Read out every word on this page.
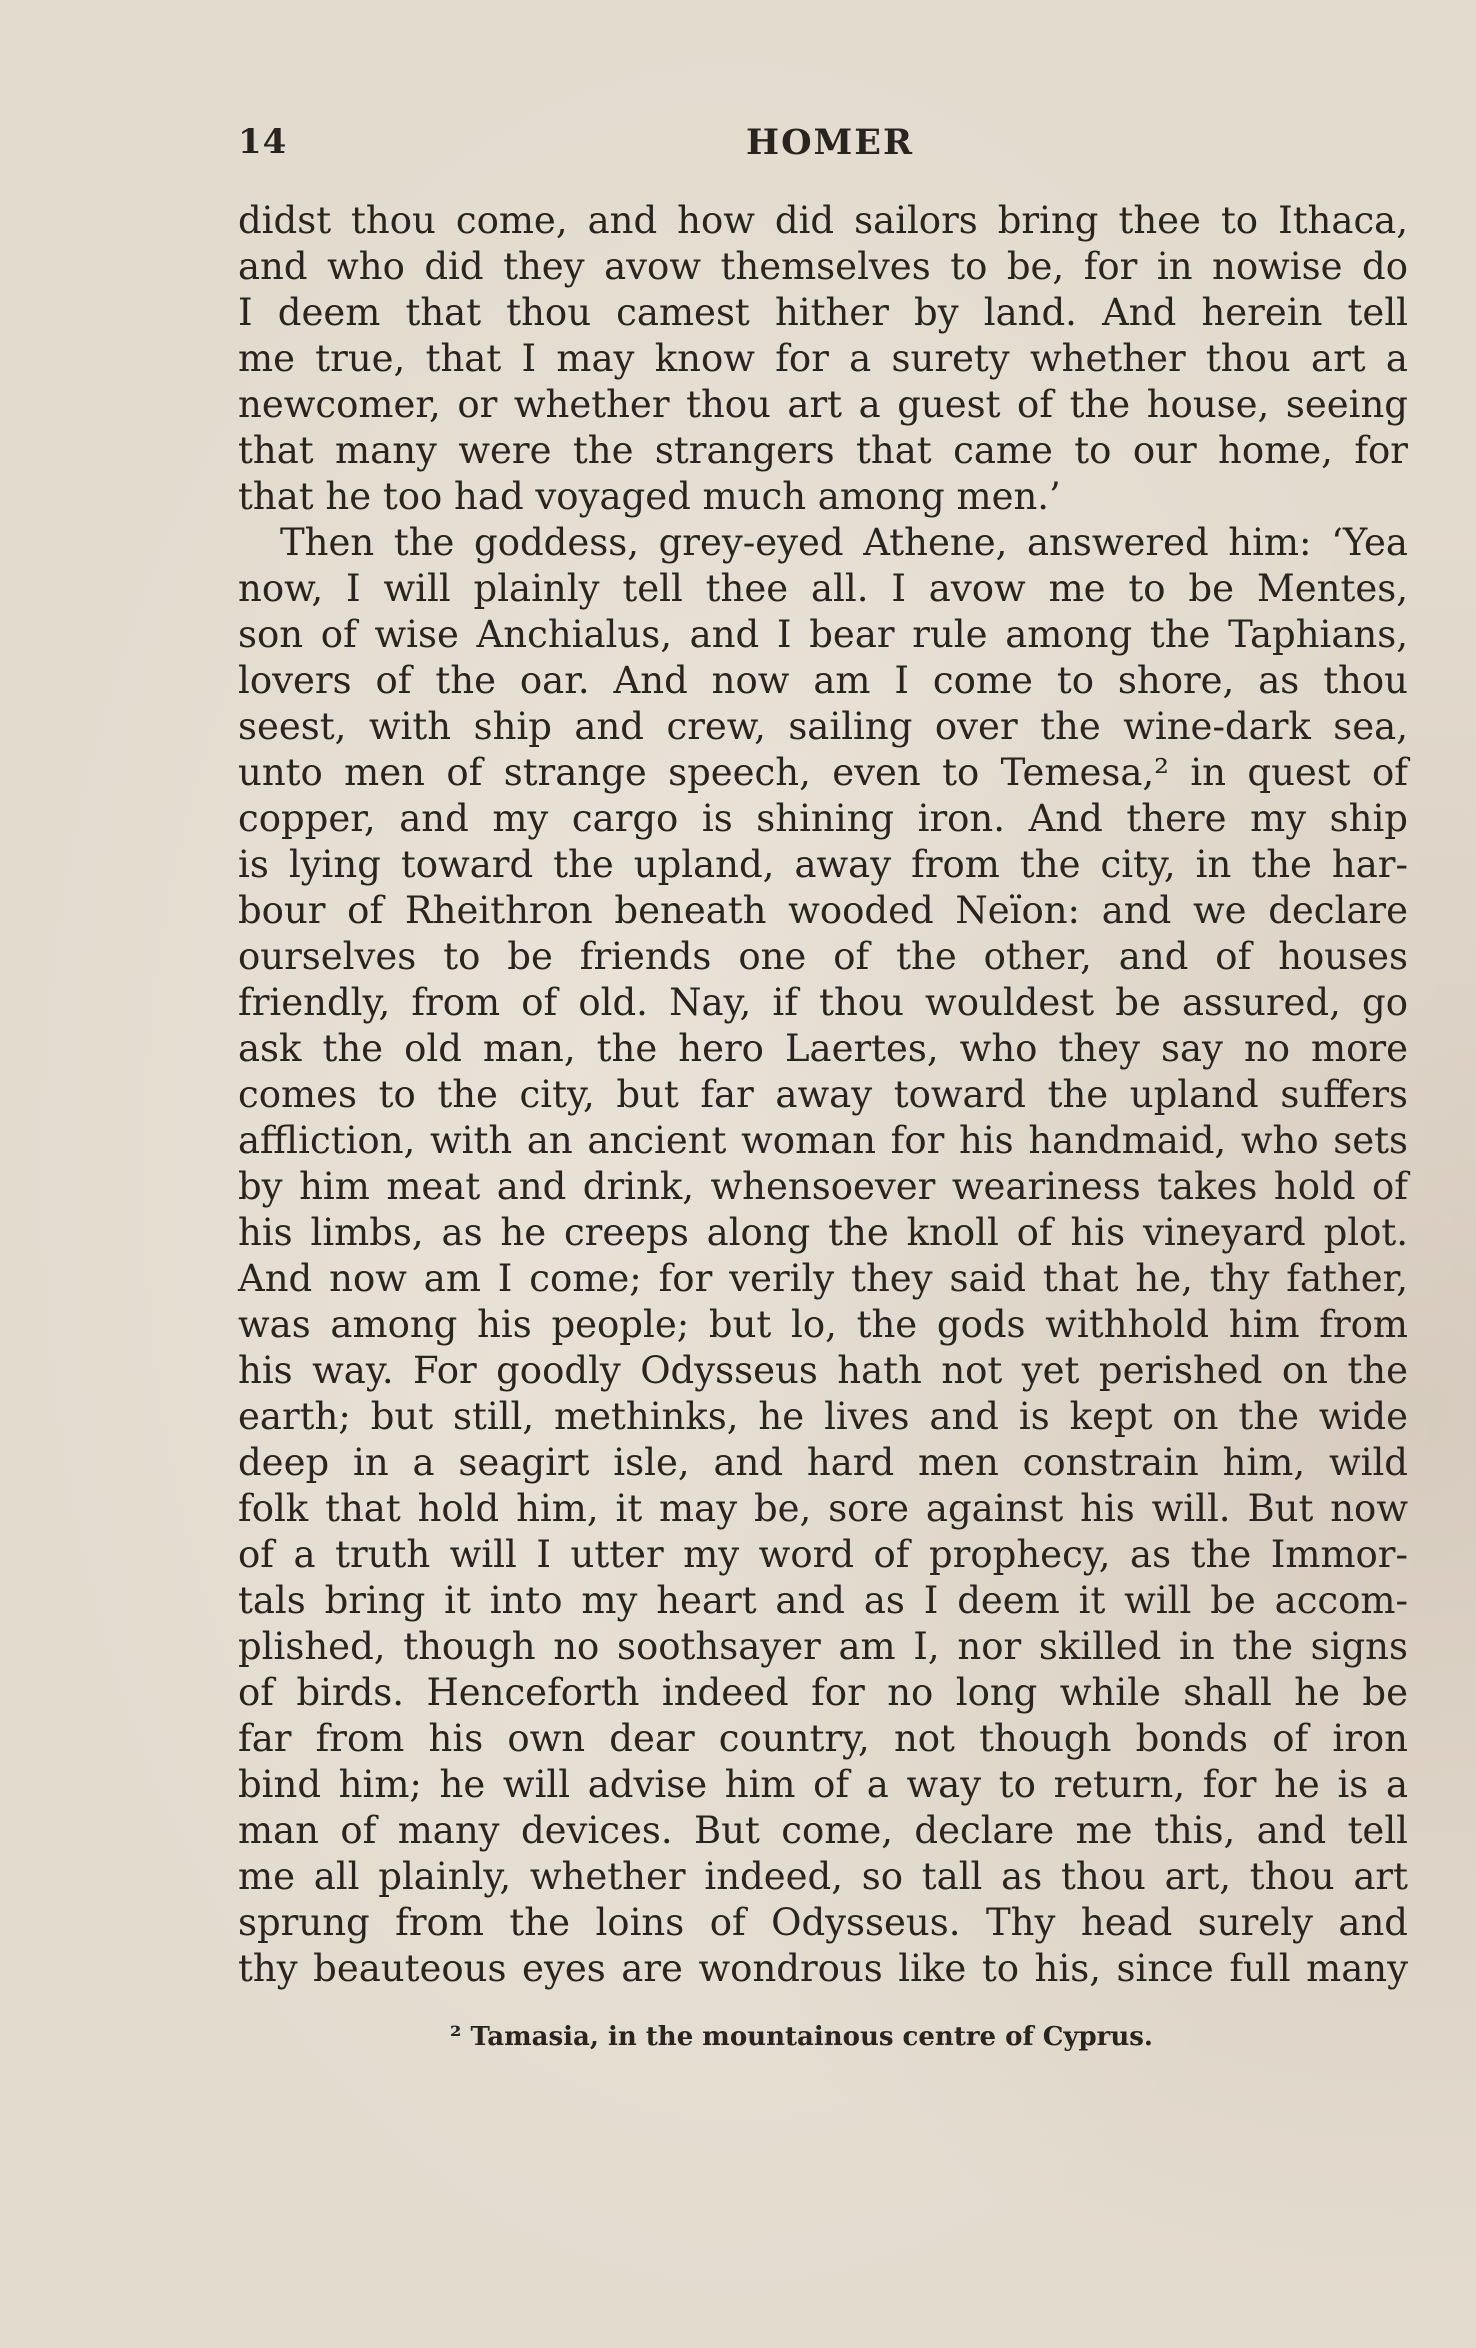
14	HOMER
didst thou come, and how did sailors bring thee to Ithaca,
and who did they avow themselves to be, for in nowise do
I deem that thou camest hither by land. And herein tell
me true, that I may know for a surety whether thou art a
newcomer, or whether thou art a guest of the house, seeing
that many were the strangers that came to our home, for
that he too had voyaged much among men.’
Then the goddess, grey-eyed Athene, answered him: ‘Yea
now, I will plainly tell thee all. I avow me to be Mentes,
son of wise Anchialus, and I bear rule among the Taphians,
lovers of the oar. And now am I come to shore, as thou
seest, with ship and crew, sailing over the wine-dark sea,
unto men of strange speech, even to Temesa,² in quest of
copper, and my cargo is shining iron. And there my ship
is lying toward the upland, away from the city, in the har-
bour of Rheithron beneath wooded Neïon: and we declare
ourselves to be friends one of the other, and of houses
friendly, from of old. Nay, if thou wouldest be assured, go
ask the old man, the hero Laertes, who they say no more
comes to the city, but far away toward the upland suffers
affliction, with an ancient woman for his handmaid, who sets
by him meat and drink, whensoever weariness takes hold of
his limbs, as he creeps along the knoll of his vineyard plot.
And now am I come; for verily they said that he, thy father,
was among his people; but lo, the gods withhold him from
his way. For goodly Odysseus hath not yet perished on the
earth; but still, methinks, he lives and is kept on the wide
deep in a seagirt isle, and hard men constrain him, wild
folk that hold him, it may be, sore against his will. But now
of a truth will I utter my word of prophecy, as the Immor-
tals bring it into my heart and as I deem it will be accom-
plished, though no soothsayer am I, nor skilled in the signs
of birds. Henceforth indeed for no long while shall he be
far from his own dear country, not though bonds of iron
bind him; he will advise him of a way to return, for he is a
man of many devices. But come, declare me this, and tell
me all plainly, whether indeed, so tall as thou art, thou art
sprung from the loins of Odysseus. Thy head surely and
thy beauteous eyes are wondrous like to his, since full many
² Tamasia, in the mountainous centre of Cyprus.
